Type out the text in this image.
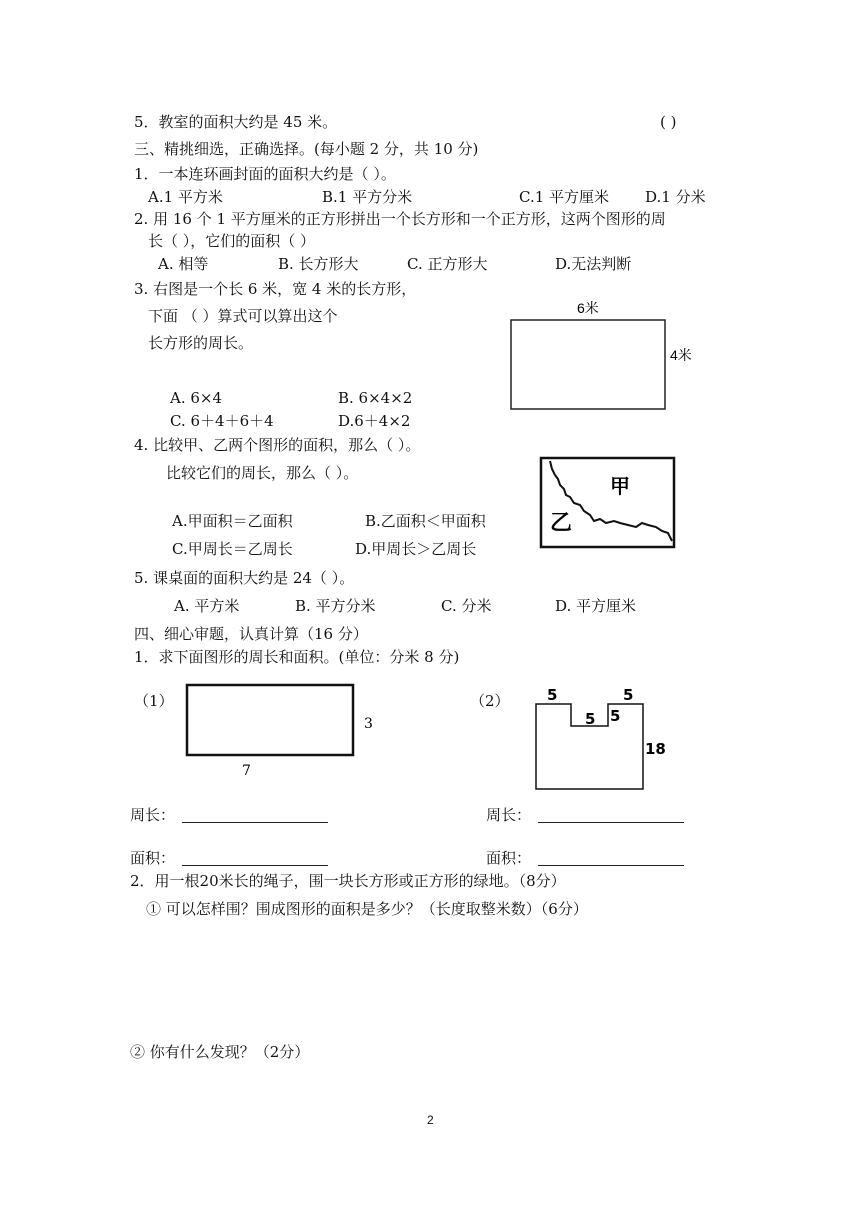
5．教室的面积大约是 45 米。	( )
三、精挑细选，正确选择。(每小题 2 分，共 10 分)
1．一本连环画封面的面积大约是（ ）。
A.1 平方米	B.1 平方分米	C.1 平方厘米 D.1 分米
2. 用 16 个 1 平方厘米的正方形拼出一个长方形和一个正方形，这两个图形的周
长（ ），它们的面积（ ）
A. 相等	B. 长方形大	C. 正方形大	D.无法判断
3. 右图是一个长 6 米，宽 4 米的长方形，
下面 （ ）算式可以算出这个
长方形的周长。
A. 6×4	B. 6×4×2
C. 6＋4＋6＋4	D.6＋4×2
6米
4米
4. 比较甲、乙两个图形的面积，那么（ ）。
比较它们的周长，那么（ ）。
A.甲面积＝乙面积	B.乙面积＜甲面积
C.甲周长＝乙周长	D.甲周长＞乙周长
甲
乙
5. 课桌面的面积大约是 24（ ）。
A. 平方米	B. 平方分米	C. 分米	D. 平方厘米
四、细心审题，认真计算（16 分）
1．求下面图形的周长和面积。(单位：分米 8 分)
（1）
3
7
（2） 5	5
5 5
18
周长：	周长：
面积：	面积：
2．用一根20米长的绳子，围一块长方形或正方形的绿地。（8分）
① 可以怎样围？围成图形的面积是多少？（长度取整米数）（6分）
② 你有什么发现？（2分）
2
